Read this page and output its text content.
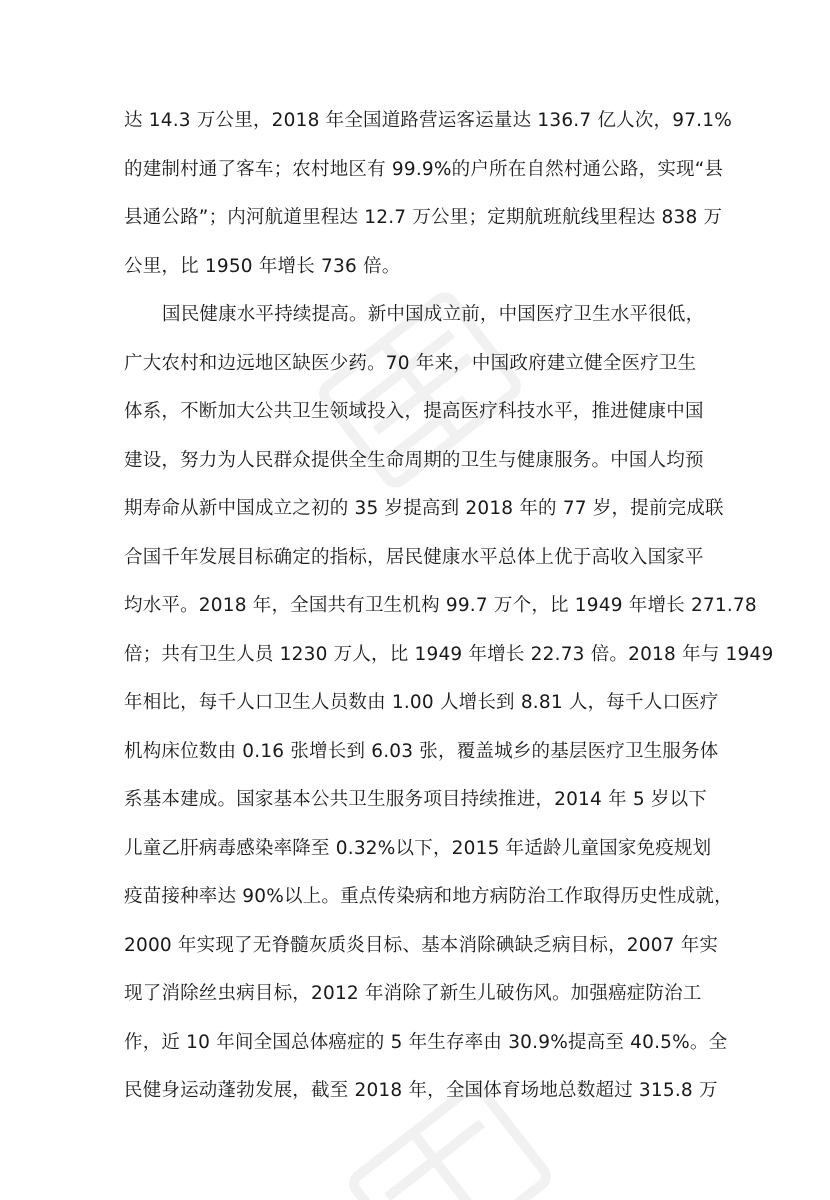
达 14.3 万公里，2018 年全国道路营运客运量达 136.7 亿人次，97.1%
的建制村通了客车；农村地区有 99.9%的户所在自然村通公路，实现“县
县通公路”；内河航道里程达 12.7 万公里；定期航班航线里程达 838 万
公里，比 1950 年增长 736 倍。
国民健康水平持续提高。新中国成立前，中国医疗卫生水平很低，
广大农村和边远地区缺医少药。70 年来，中国政府建立健全医疗卫生
体系，不断加大公共卫生领域投入，提高医疗科技水平，推进健康中国
建设，努力为人民群众提供全生命周期的卫生与健康服务。中国人均预
期寿命从新中国成立之初的 35 岁提高到 2018 年的 77 岁，提前完成联
合国千年发展目标确定的指标，居民健康水平总体上优于高收入国家平
均水平。2018 年，全国共有卫生机构 99.7 万个，比 1949 年增长 271.78
倍；共有卫生人员 1230 万人，比 1949 年增长 22.73 倍。2018 年与 1949
年相比，每千人口卫生人员数由 1.00 人增长到 8.81 人，每千人口医疗
机构床位数由 0.16 张增长到 6.03 张，覆盖城乡的基层医疗卫生服务体
系基本建成。国家基本公共卫生服务项目持续推进，2014 年 5 岁以下
儿童乙肝病毒感染率降至 0.32%以下，2015 年适龄儿童国家免疫规划
疫苗接种率达 90%以上。重点传染病和地方病防治工作取得历史性成就，
2000 年实现了无脊髓灰质炎目标、基本消除碘缺乏病目标，2007 年实
现了消除丝虫病目标，2012 年消除了新生儿破伤风。加强癌症防治工
作，近 10 年间全国总体癌症的 5 年生存率由 30.9%提高至 40.5%。全
民健身运动蓬勃发展，截至 2018 年，全国体育场地总数超过 315.8 万
